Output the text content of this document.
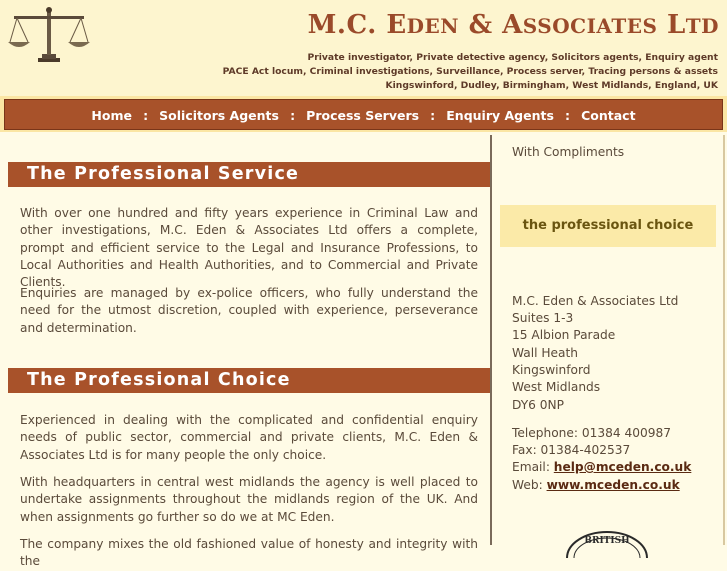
M.C. EDEN & ASSOCIATES LTD
Private investigator, Private detective agency, Solicitors agents, Enquiry agent
PACE Act locum, Criminal investigations, Surveillance, Process server, Tracing persons & assets
Kingswinford, Dudley, Birmingham, West Midlands, England, UK
Home : Solicitors Agents : Process Servers : Enquiry Agents : Contact
The Professional Service

With over one hundred and fifty years experience in Criminal Law and other investigations, M.C. Eden & Associates Ltd offers a complete, prompt and efficient service to the Legal and Insurance Professions, to Local Authorities and Health Authorities, and to Commercial and Private Clients.

Enquiries are managed by ex-police officers, who fully understand the need for the utmost discretion, coupled with experience, perseverance and determination.

The Professional Choice

Experienced in dealing with the complicated and confidential enquiry needs of public sector, commercial and private clients, M.C. Eden & Associates Ltd is for many people the only choice.

With headquarters in central west midlands the agency is well placed to undertake assignments throughout the midlands region of the UK. And when assignments go further so do we at MC Eden.

The company mixes the old fashioned value of honesty and integrity with the

With Compliments
the professional choice
M.C. Eden & Associates Ltd
Suites 1-3
15 Albion Parade
Wall Heath
Kingswinford
West Midlands
DY6 0NP
Telephone: 01384 400987
Fax: 01384-402537
Email: help@mceden.co.uk
Web: www.mceden.co.uk
BRITISH
